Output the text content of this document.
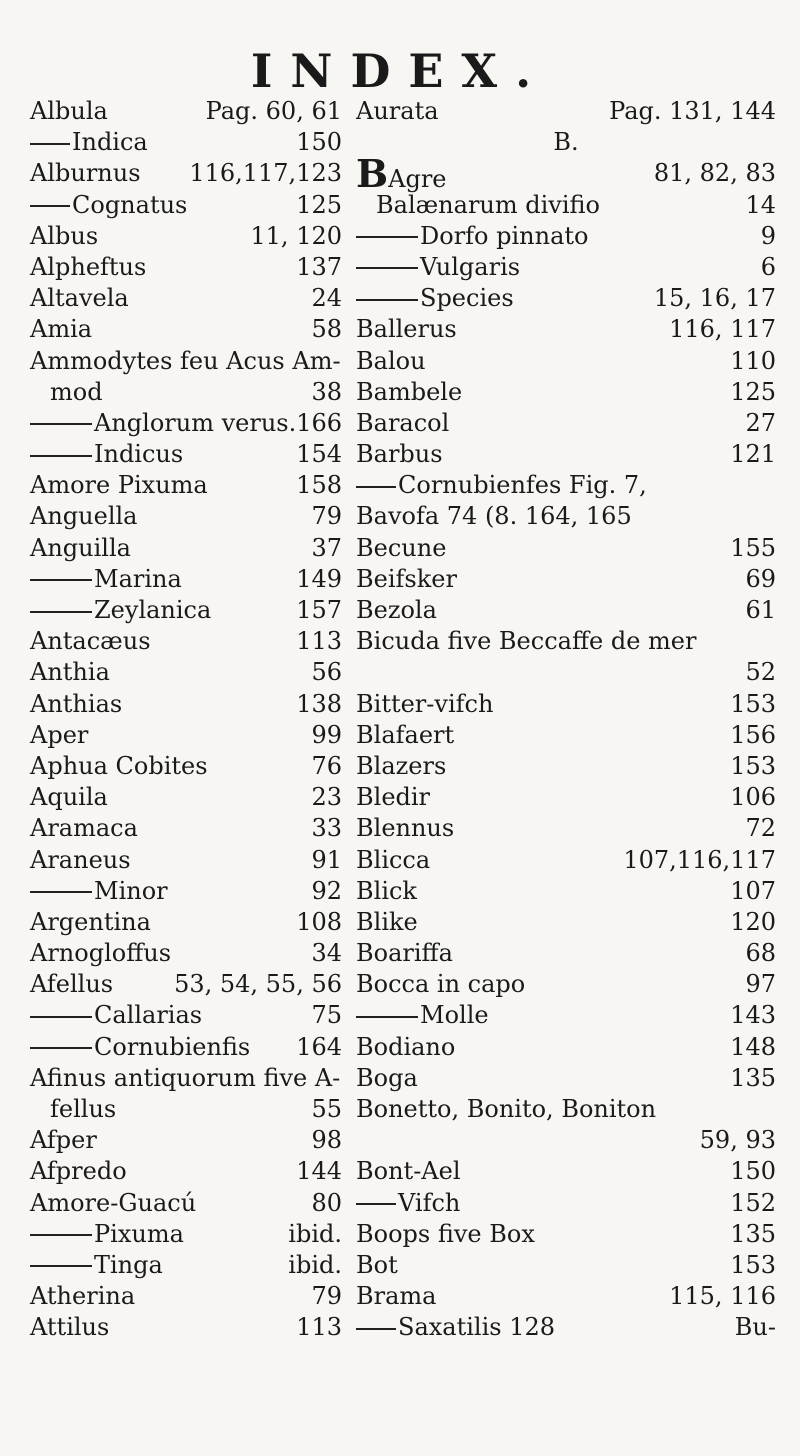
INDEX.
Albula	Pag. 60, 61
Indica	150
Alburnus 116,117,123
Cognatus	125
Albus	11, 120
Alpheftus	137
Altavela	24
Amia	58
Ammodytes feu Acus Am-
mod	38
Anglorum verus. 166
Indicus	154
Amore Pixuma	158
Anguella	79
Anguilla	37
Marina	149
Zeylanica	157
Antacæus	113
Anthia	56
Anthias	138
Aper	99
Aphua Cobites	76
Aquila	23
Aramaca	33
Araneus	91
Minor	92
Argentina	108
Arnogloffus	34
Afellus	53, 54, 55, 56
Callarias	75
Cornubienfis 164
Afinus antiquorum five A-
fellus	55
Afper	98
Afpredo	144
Amore-Guacú	80
Pixuma	ibid.
Tinga	ibid.
Atherina	79
Attilus	113
Aurata	Pag. 131, 144
B.
BAgre	81, 82, 83
Balænarum divifio	14
Dorfo pinnato	9
Vulgaris	6
Species	15, 16, 17
Ballerus	116, 117
Balou	110
Bambele	125
Baracol	27
Barbus	121
Cornubienfes Fig. 7,
Bavofa 74 (8. 164, 165
Becune	155
Beifsker	69
Bezola	61
Bicuda five Beccaffe de mer
52
Bitter-vifch	153
Blafaert	156
Blazers	153
Bledir	106
Blennus	72
Blicca	107,116,117
Blick	107
Blike	120
Boariffa	68
Bocca in capo	97
Molle	143
Bodiano	148
Boga	135
Bonetto, Bonito, Boniton
59, 93
Bont-Ael	150
Vifch	152
Boops five Box	135
Bot	153
Brama	115, 116
Saxatilis 128	Bu-
